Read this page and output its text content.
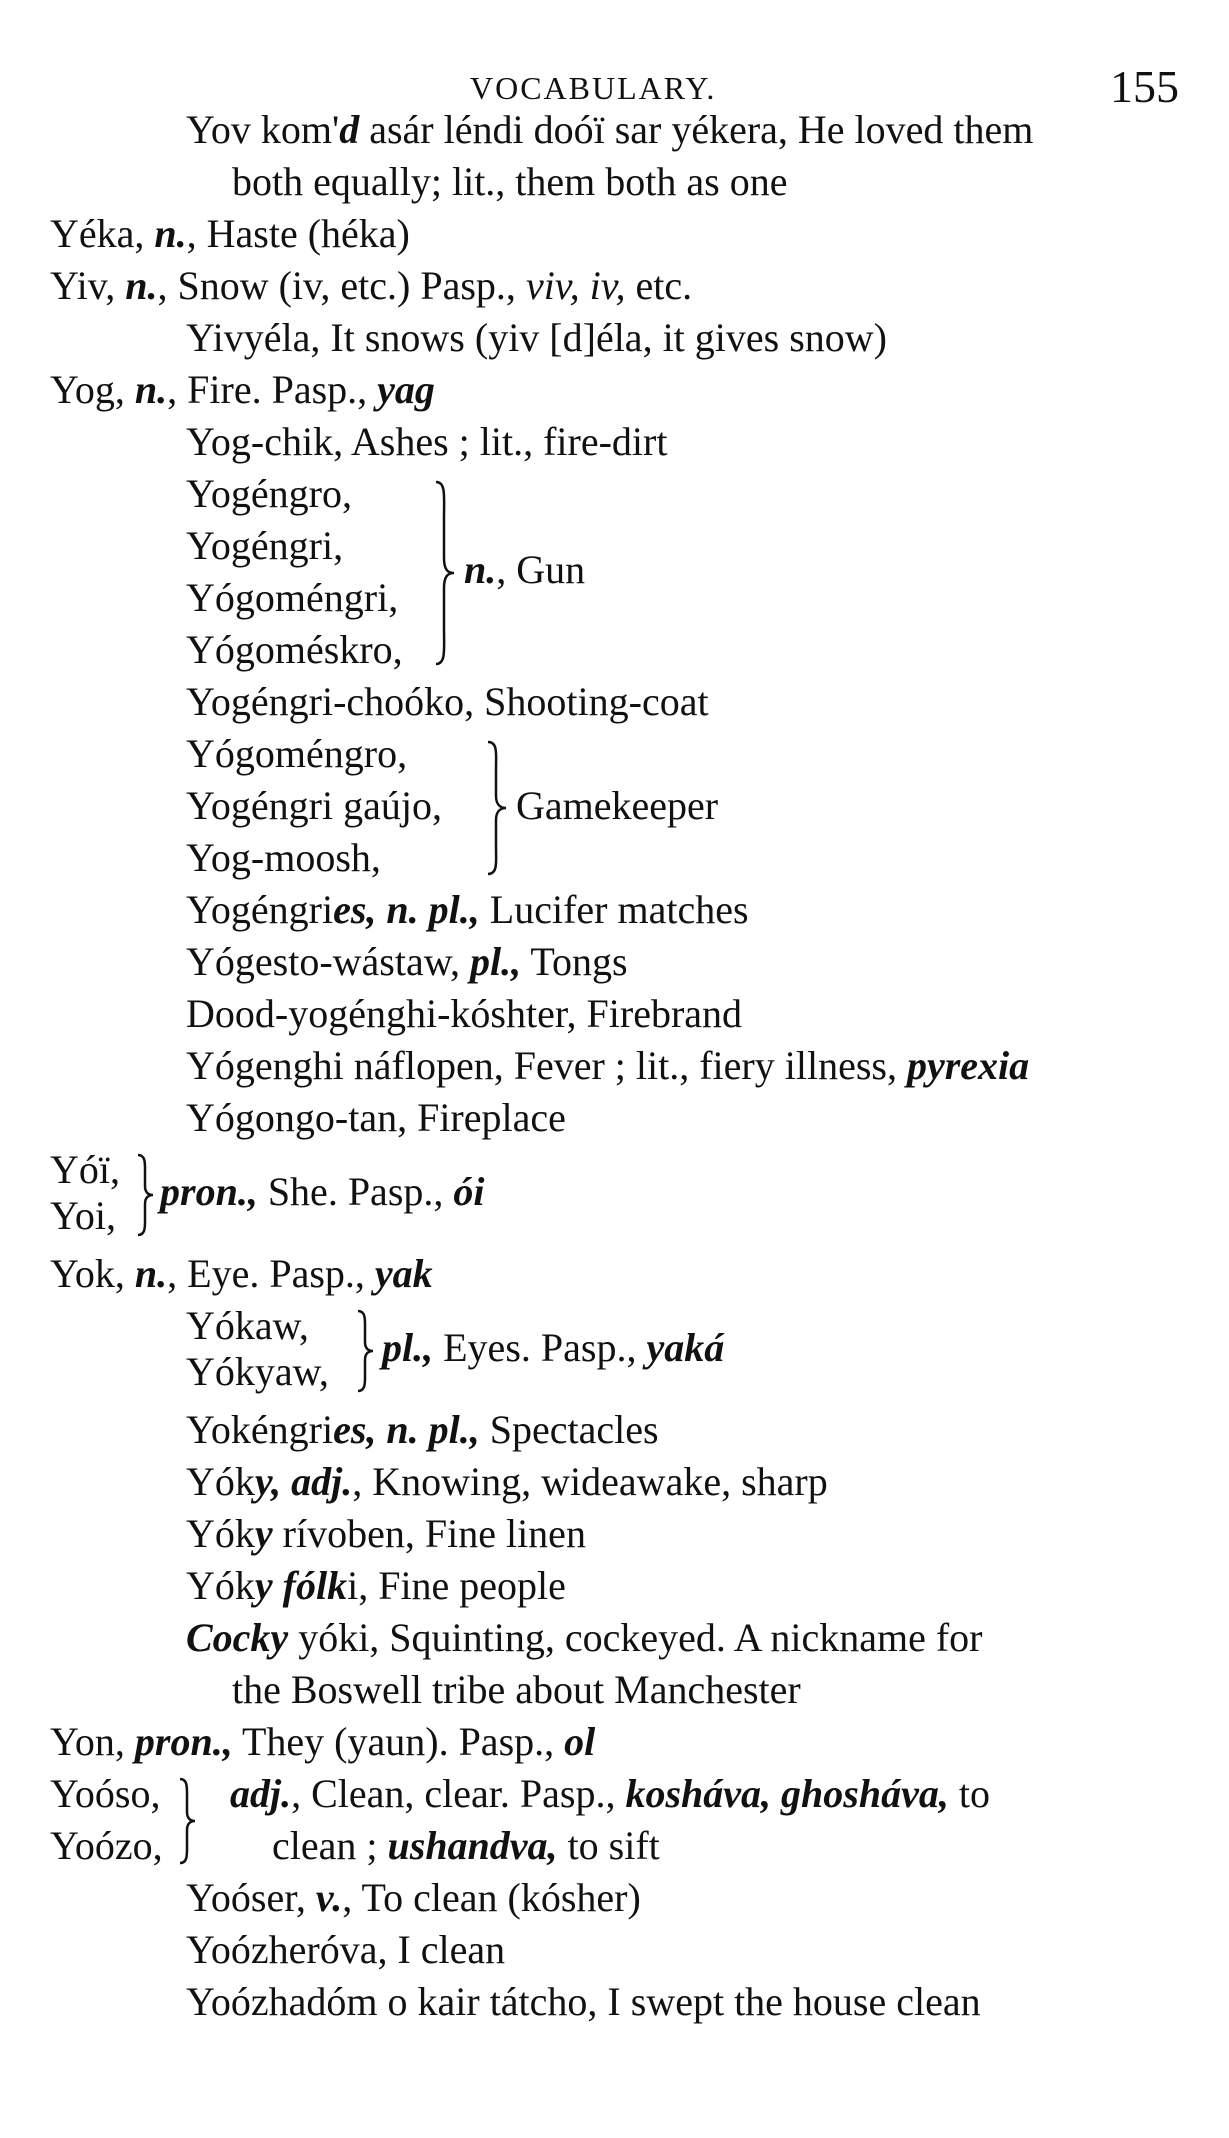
VOCABULARY.	155
Yov kom'd asár léndi doóï sar yékera, He loved them
both equally; lit., them both as one
Yéka, n., Haste (héka)
Yiv, n., Snow (iv, etc.) Pasp., viv, iv, etc.
Yivyéla, It snows (yiv [d]éla, it gives snow)
Yog, n., Fire. Pasp., yag
Yog-chik, Ashes ; lit., fire-dirt
Yogéngro,
Yogéngri,
Yógoméngri,
Yógoméskro,
n., Gun
Yogéngri-choóko, Shooting-coat
Yógoméngro,
Yogéngri gaújo,
Yog-moosh,
Gamekeeper
Yogéngries, n. pl., Lucifer matches
Yógesto-wástaw, pl., Tongs
Dood-yogénghi-kóshter, Firebrand
Yógenghi náflopen, Fever ; lit., fiery illness, pyrexia
Yógongo-tan, Fireplace
Yóï,
Yoi,
pron., She. Pasp., ói
Yok, n., Eye. Pasp., yak
Yókaw,
Yókyaw,
pl., Eyes. Pasp., yaká
Yokéngries, n. pl., Spectacles
Yóky, adj., Knowing, wideawake, sharp
Yóky rívoben, Fine linen
Yóky fólki, Fine people
Cocky yóki, Squinting, cockeyed. A nickname for
the Boswell tribe about Manchester
Yon, pron., They (yaun). Pasp., ol
Yoóso,
Yoózo,
adj., Clean, clear. Pasp., kosháva, ghosháva, to
clean ; ushandva, to sift
Yoóser, v., To clean (kósher)
Yoózheróva, I clean
Yoózhadóm o kair tátcho, I swept the house clean
